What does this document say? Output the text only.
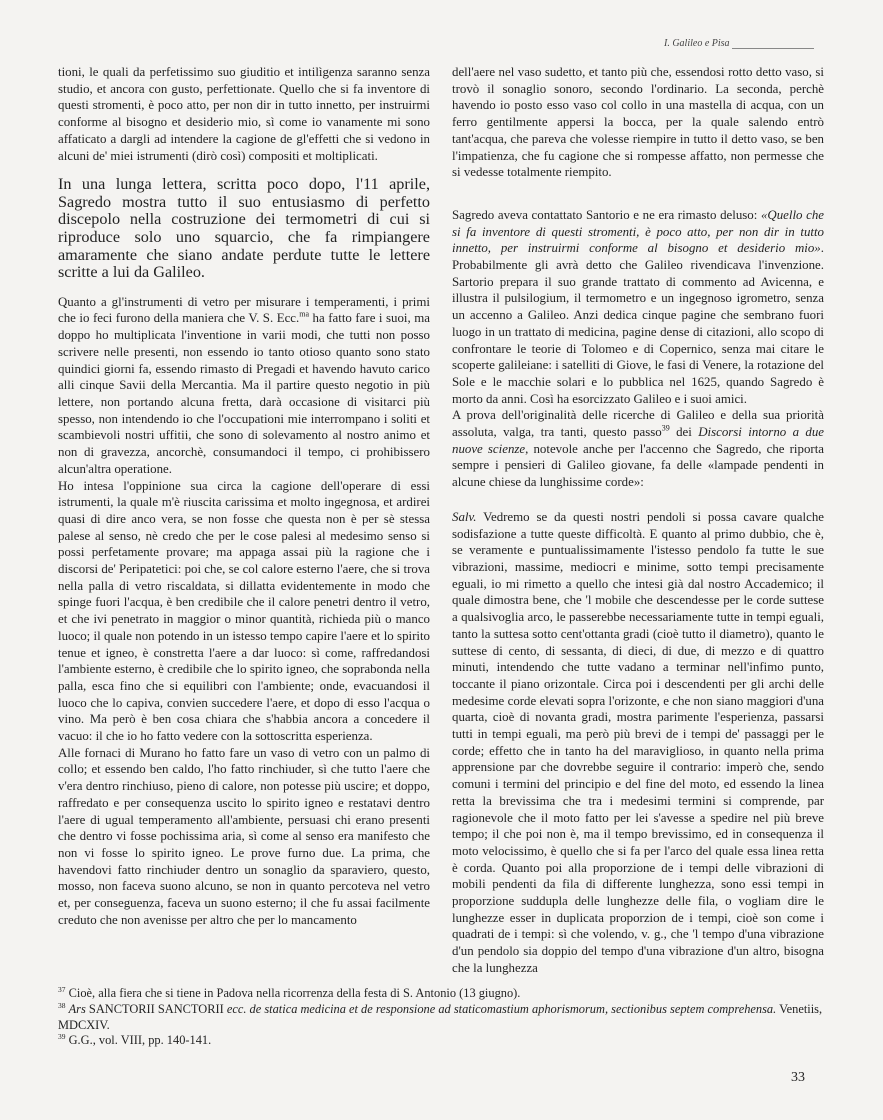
I. Galileo e Pisa

tioni, le quali da perfetissimo suo giuditio et intilìgenza saranno senza studio, et ancora con gusto, perfettionate. Quello che si fa inventore di questi stromenti, è poco atto, per non dir in tutto innetto, per instruirmi conforme al bisogno et desiderio mio, sì come io vanamente mi sono affaticato a dargli ad intendere la cagione de gl'effetti che si vedono in alcuni de' miei istrumenti (dirò così) compositi et moltiplicati.

In una lunga lettera, scritta poco dopo, l'11 aprile, Sagredo mostra tutto il suo entusiasmo di perfetto discepolo nella costruzione dei termometri di cui si riproduce solo uno squarcio, che fa rimpiangere amaramente che siano andate perdute tutte le lettere scritte a lui da Galileo.

Quanto a gl'instrumenti di vetro per misurare i temperamenti, i primi che io feci furono della maniera che V. S. Ecc.$^{ma}$ ha fatto fare i suoi, ma doppo ho multiplicata l'inventione in varii modi, che tutti non posso scrivere nelle presenti, non essendo io tanto otioso quanto sono stato quindici giorni fa, essendo rimasto di Pregadi et havendo havuto carico alli cinque Savii della Mercantia. Ma il partire questo negotio in più lettere, non portando alcuna fretta, darà occasione di visitarci più spesso, non intendendo io che l'occupationi mie interrompano i soliti et scambievoli nostri uffitii, che sono di solevamento al nostro animo et non di gravezza, ancorchè, consumandoci il tempo, ci prohibissero alcun'altra operatione.

Ho intesa l'oppinione sua circa la cagione dell'operare di essi istrumenti, la quale m'è riuscita carissima et molto ingegnosa, et ardirei quasi di dire anco vera, se non fosse che questa non è per sè stessa palese al senso, nè credo che per le cose palesi al medesimo senso si possi perfetamente provare; ma appaga assai più la ragione che i discorsi de' Peripatetici: poi che, se col calore esterno l'aere, che si trova nella palla di vetro riscaldata, si dillatta evidentemente in modo che spinge fuori l'acqua, è ben credibile che il calore penetri dentro il vetro, et che ivi penetrato in maggior o minor quantità, richieda più o manco luoco; il quale non potendo in un istesso tempo capire l'aere et lo spirito tenue et igneo, è constretta l'aere a dar luoco: sì come, raffredandosi l'ambiente esterno, è credibile che lo spirito igneo, che soprabonda nella palla, esca fino che si equilibri con l'ambiente; onde, evacuandosi il luoco che lo capiva, convien succedere l'aere, et dopo di esso l'acqua o vino. Ma però è ben cosa chiara che s'habbia ancora a concedere il vacuo: il che io ho fatto vedere con la sottoscritta esperienza.

Alle fornaci di Murano ho fatto fare un vaso di vetro con un palmo di collo; et essendo ben caldo, l'ho fatto rinchiuder, sì che tutto l'aere che v'era dentro rinchiuso, pieno di calore, non potesse più uscire; et doppo, raffredato e per consequenza uscito lo spirito igneo e restatavi dentro l'aere di ugual temperamento all'ambiente, persuasi chi erano presenti che dentro vi fosse pochissima aria, sì come al senso era manifesto che non vi fosse lo spirito igneo. Le prove furno due. La prima, che havendovi fatto rinchiuder dentro un sonaglio da sparaviero, questo, mosso, non faceva suono alcuno, se non in quanto percoteva nel vetro et, per conseguenza, faceva un suono esterno; il che fu assai facilmente creduto che non avenisse per altro che per lo mancamento

dell'aere nel vaso sudetto, et tanto più che, essendosi rotto detto vaso, si trovò il sonaglio sonoro, secondo l'ordinario. La seconda, perchè havendo io posto esso vaso col collo in una mastella di acqua, con un ferro gentilmente appersi la bocca, per la quale salendo entrò tant'acqua, che pareva che volesse riempire in tutto il detto vaso, se ben l'impatienza, che fu cagione che si rompesse affatto, non permesse che si vedesse totalmente riempito.

Sagredo aveva contattato Santorio e ne era rimasto deluso: «Quello che si fa inventore di questi stromenti, è poco atto, per non dir in tutto innetto, per instruirmi conforme al bisogno et desiderio mio». Probabilmente gli avrà detto che Galileo rivendicava l'invenzione. Sartorio prepara il suo grande trattato di commento ad Avicenna, e illustra il pulsilogium, il termometro e un ingegnoso igrometro, senza un accenno a Galileo. Anzi dedica cinque pagine che sembrano fuori luogo in un trattato di medicina, pagine dense di citazioni, allo scopo di confrontare le teorie di Tolomeo e di Copernico, senza mai citare le scoperte galileiane: i satelliti di Giove, le fasi di Venere, la rotazione del Sole e le macchie solari e lo pubblica nel 1625, quando Sagredo è morto da anni. Così ha esorcizzato Galileo e i suoi amici.

A prova dell'originalità delle ricerche di Galileo e della sua priorità assoluta, valga, tra tanti, questo passo$^{39}$ dei Discorsi intorno a due nuove scienze, notevole anche per l'accenno che Sagredo, che riporta sempre i pensieri di Galileo giovane, fa delle «lampade pendenti in alcune chiese da lunghissime corde»:

Salv. Vedremo se da questi nostri pendoli si possa cavare qualche sodisfazione a tutte queste difficoltà. E quanto al primo dubbio, che è, se veramente e puntualissimamente l'istesso pendolo fa tutte le sue vibrazioni, massime, mediocri e minime, sotto tempi precisamente eguali, io mi rimetto a quello che intesi già dal nostro Accademico; il quale dimostra bene, che 'l mobile che descendesse per le corde suttese a qualsivoglia arco, le passerebbe necessariamente tutte in tempi eguali, tanto la suttesa sotto cent'ottanta gradi (cioè tutto il diametro), quanto le suttese di cento, di sessanta, di dieci, di due, di mezzo e di quattro minuti, intendendo che tutte vadano a terminar nell'infimo punto, toccante il piano orizontale. Circa poi i descendenti per gli archi delle medesime corde elevati sopra l'orizonte, e che non siano maggiori d'una quarta, cioè di novanta gradi, mostra parimente l'esperienza, passarsi tutti in tempi eguali, ma però più brevi de i tempi de' passaggi per le corde; effetto che in tanto ha del maraviglioso, in quanto nella prima apprensione par che dovrebbe seguire il contrario: imperò che, sendo comuni i termini del principio e del fine del moto, ed essendo la linea retta la brevissima che tra i medesimi termini si comprende, par ragionevole che il moto fatto per lei s'avesse a spedire nel più breve tempo; il che poi non è, ma il tempo brevissimo, ed in consequenza il moto velocissimo, è quello che si fa per l'arco del quale essa linea retta è corda. Quanto poi alla proporzione de i tempi delle vibrazioni di mobili pendenti da fila di differente lunghezza, sono essi tempi in proporzione suddupla delle lunghezze delle fila, o vogliam dire le lunghezze esser in duplicata proporzion de i tempi, cioè son come i quadrati de i tempi: sì che volendo, v. g., che 'l tempo d'una vibrazione d'un pendolo sia doppio del tempo d'una vibrazione d'un altro, bisogna che la lunghezza

$^{37}$ Cioè, alla fiera che si tiene in Padova nella ricorrenza della festa di S. Antonio (13 giugno).

$^{38}$ Ars SANCTORII SANCTORII ecc. de statica medicina et de responsione ad staticomastium aphorismorum, sectionibus septem comprehensa. Venetiis, MDCXIV.

$^{39}$ G.G., vol. VIII, pp. 140-141.

33
